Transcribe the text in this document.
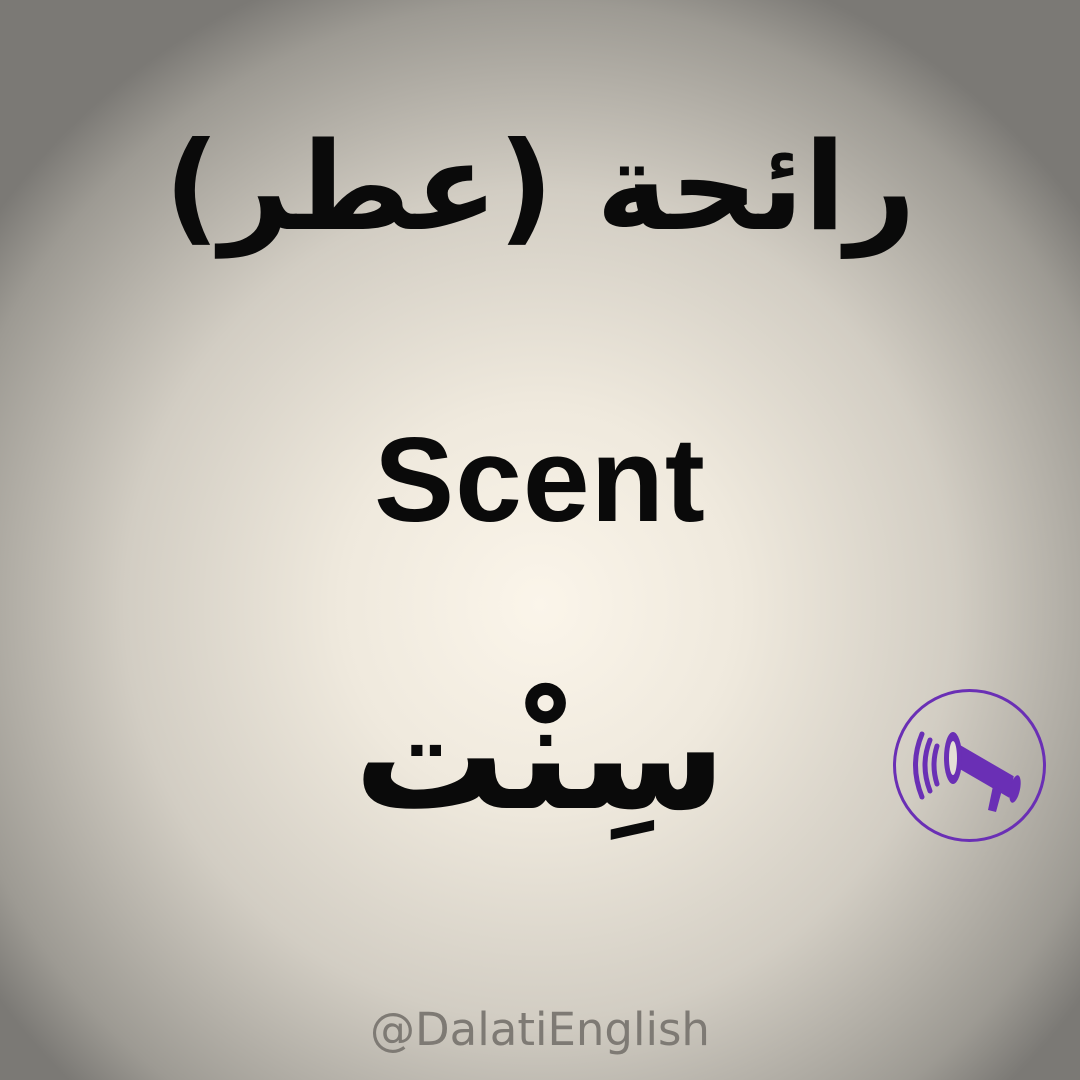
رائحة (عطر)
Scent
سِنْت
@DalatiEnglish
